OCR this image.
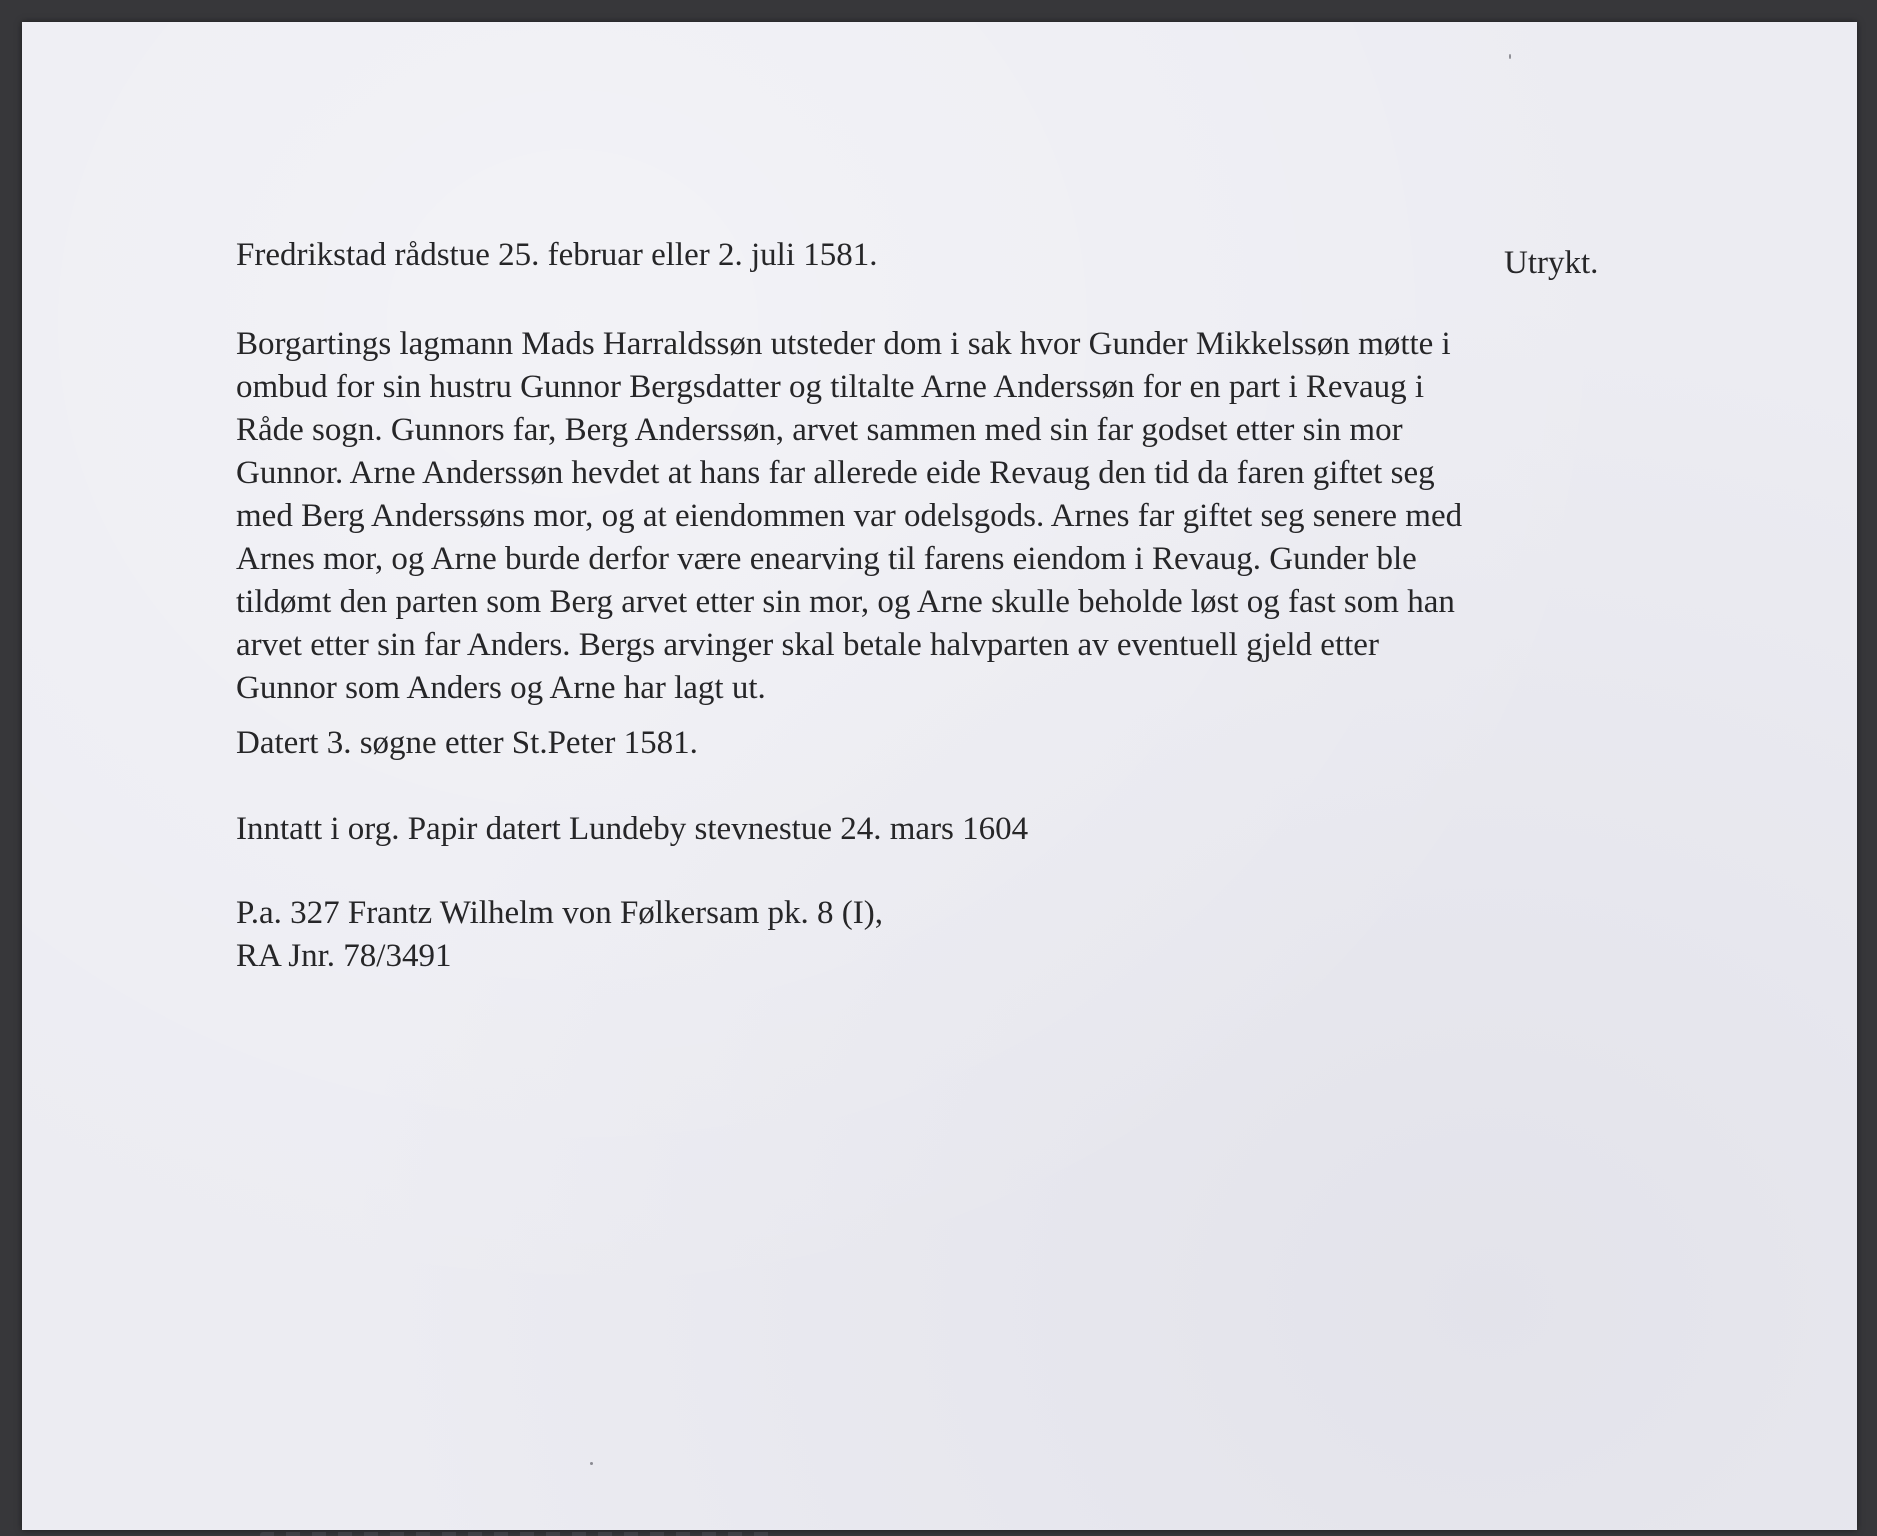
Fredrikstad rådstue 25. februar eller 2. juli 1581.	Utrykt.
Borgartings lagmann Mads Harraldssøn utsteder dom i sak hvor Gunder Mikkelssøn møtte i
ombud for sin hustru Gunnor Bergsdatter og tiltalte Arne Anderssøn for en part i Revaug i
Råde sogn. Gunnors far, Berg Anderssøn, arvet sammen med sin far godset etter sin mor
Gunnor. Arne Anderssøn hevdet at hans far allerede eide Revaug den tid da faren giftet seg
med Berg Anderssøns mor, og at eiendommen var odelsgods. Arnes far giftet seg senere med
Arnes mor, og Arne burde derfor være enearving til farens eiendom i Revaug. Gunder ble
tildømt den parten som Berg arvet etter sin mor, og Arne skulle beholde løst og fast som han
arvet etter sin far Anders. Bergs arvinger skal betale halvparten av eventuell gjeld etter
Gunnor som Anders og Arne har lagt ut.
Datert 3. søgne etter St.Peter 1581.
Inntatt i org. Papir datert Lundeby stevnestue 24. mars 1604
P.a. 327 Frantz Wilhelm von Følkersam pk. 8 (I),
RA Jnr. 78/3491
